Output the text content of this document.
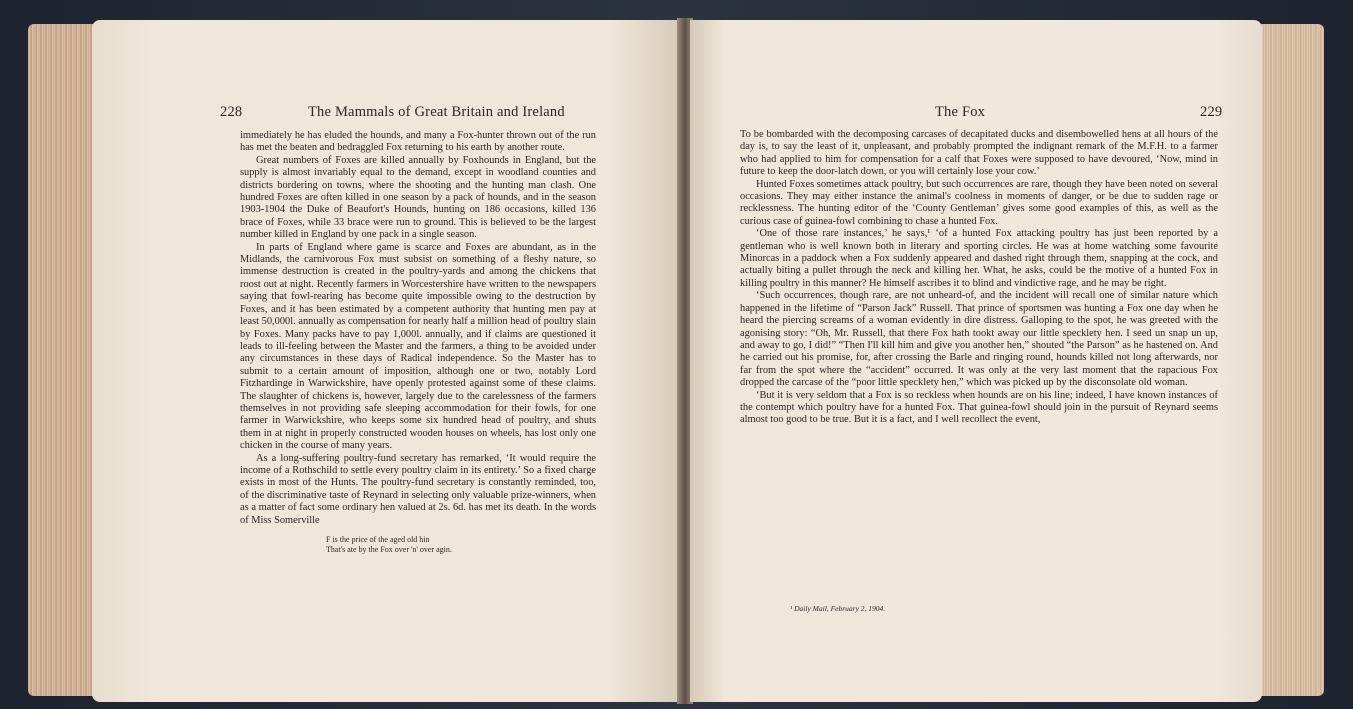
228	The Mammals of Great Britain and Ireland

immediately he has eluded the hounds, and many a Fox-hunter thrown out of the run has met the beaten and bedraggled Fox returning to his earth by another route.

Great numbers of Foxes are killed annually by Foxhounds in England, but the supply is almost invariably equal to the demand, except in woodland counties and districts bordering on towns, where the shooting and the hunting man clash. One hundred Foxes are often killed in one season by a pack of hounds, and in the season 1903-1904 the Duke of Beaufort's Hounds, hunting on 186 occasions, killed 136 brace of Foxes, while 33 brace were run to ground. This is believed to be the largest number killed in England by one pack in a single season.

In parts of England where game is scarce and Foxes are abundant, as in the Midlands, the carnivorous Fox must subsist on something of a fleshy nature, so immense destruction is created in the poultry-yards and among the chickens that roost out at night. Recently farmers in Worcestershire have written to the newspapers saying that fowl-rearing has become quite impossible owing to the destruction by Foxes, and it has been estimated by a competent authority that hunting men pay at least 50,000l. annually as compensation for nearly half a million head of poultry slain by Foxes. Many packs have to pay 1,000l. annually, and if claims are questioned it leads to ill-feeling between the Master and the farmers, a thing to be avoided under any circumstances in these days of Radical independence. So the Master has to submit to a certain amount of imposition, although one or two, notably Lord Fitzhardinge in Warwickshire, have openly protested against some of these claims. The slaughter of chickens is, however, largely due to the carelessness of the farmers themselves in not providing safe sleeping accommodation for their fowls, for one farmer in Warwickshire, who keeps some six hundred head of poultry, and shuts them in at night in properly constructed wooden houses on wheels, has lost only one chicken in the course of many years.

As a long-suffering poultry-fund secretary has remarked, ‘It would require the income of a Rothschild to settle every poultry claim in its entirety.’ So a fixed charge exists in most of the Hunts. The poultry-fund secretary is constantly reminded, too, of the discriminative taste of Reynard in selecting only valuable prize-winners, when as a matter of fact some ordinary hen valued at 2s. 6d. has met its death. In the words of Miss Somerville

F is the price of the aged old hin
That's ate by the Fox over 'n' over agin.
The Fox	229

To be bombarded with the decomposing carcases of decapitated ducks and disembowelled hens at all hours of the day is, to say the least of it, unpleasant, and probably prompted the indignant remark of the M.F.H. to a farmer who had applied to him for compensation for a calf that Foxes were supposed to have devoured, ‘Now, mind in future to keep the door-latch down, or you will certainly lose your cow.’

Hunted Foxes sometimes attack poultry, but such occurrences are rare, though they have been noted on several occasions. They may either instance the animal's coolness in moments of danger, or be due to sudden rage or recklessness. The hunting editor of the ‘County Gentleman’ gives some good examples of this, as well as the curious case of guinea-fowl combining to chase a hunted Fox.

‘One of those rare instances,’ he says,¹ ‘of a hunted Fox attacking poultry has just been reported by a gentleman who is well known both in literary and sporting circles. He was at home watching some favourite Minorcas in a paddock when a Fox suddenly appeared and dashed right through them, snapping at the cock, and actually biting a pullet through the neck and killing her. What, he asks, could be the motive of a hunted Fox in killing poultry in this manner? He himself ascribes it to blind and vindictive rage, and he may be right.

‘Such occurrences, though rare, are not unheard-of, and the incident will recall one of similar nature which happened in the lifetime of “Parson Jack” Russell. That prince of sportsmen was hunting a Fox one day when he heard the piercing screams of a woman evidently in dire distress. Galloping to the spot, he was greeted with the agonising story: “Oh, Mr. Russell, that there Fox hath tookt away our little specklety hen. I seed un snap un up, and away to go, I did!” “Then I'll kill him and give you another hen,” shouted “the Parson” as he hastened on. And he carried out his promise, for, after crossing the Barle and ringing round, hounds killed not long afterwards, nor far from the spot where the “accident” occurred. It was only at the very last moment that the rapacious Fox dropped the carcase of the “poor little specklety hen,” which was picked up by the disconsolate old woman.

‘But it is very seldom that a Fox is so reckless when hounds are on his line; indeed, I have known instances of the contempt which poultry have for a hunted Fox. That guinea-fowl should join in the pursuit of Reynard seems almost too good to be true. But it is a fact, and I well recollect the event,

¹ Daily Mail, February 2, 1904.
